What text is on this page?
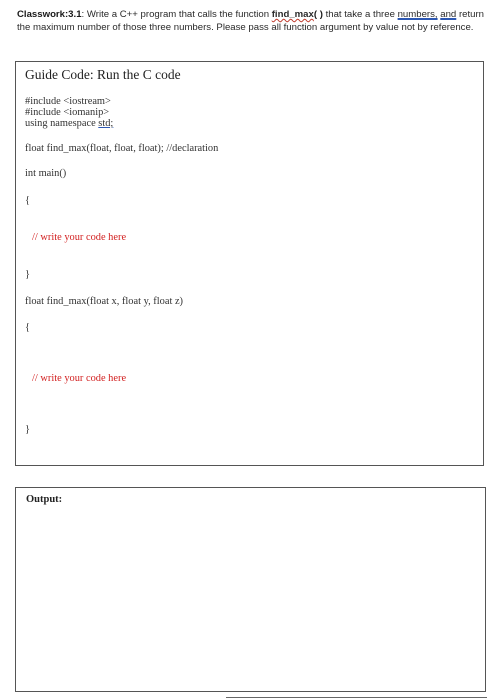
Classwork:3.1: Write a C++ program that calls the function find_max( ) that take a three numbers, and return the maximum number of those three numbers. Please pass all function argument by value not by reference.
Guide Code: Run the C code
#include <iostream>
#include <iomanip>
using namespace std;
float find_max(float, float, float); //declaration
int main()
{
// write your code here
}
float find_max(float x, float y, float z)
{
// write your code here
}
Output:
